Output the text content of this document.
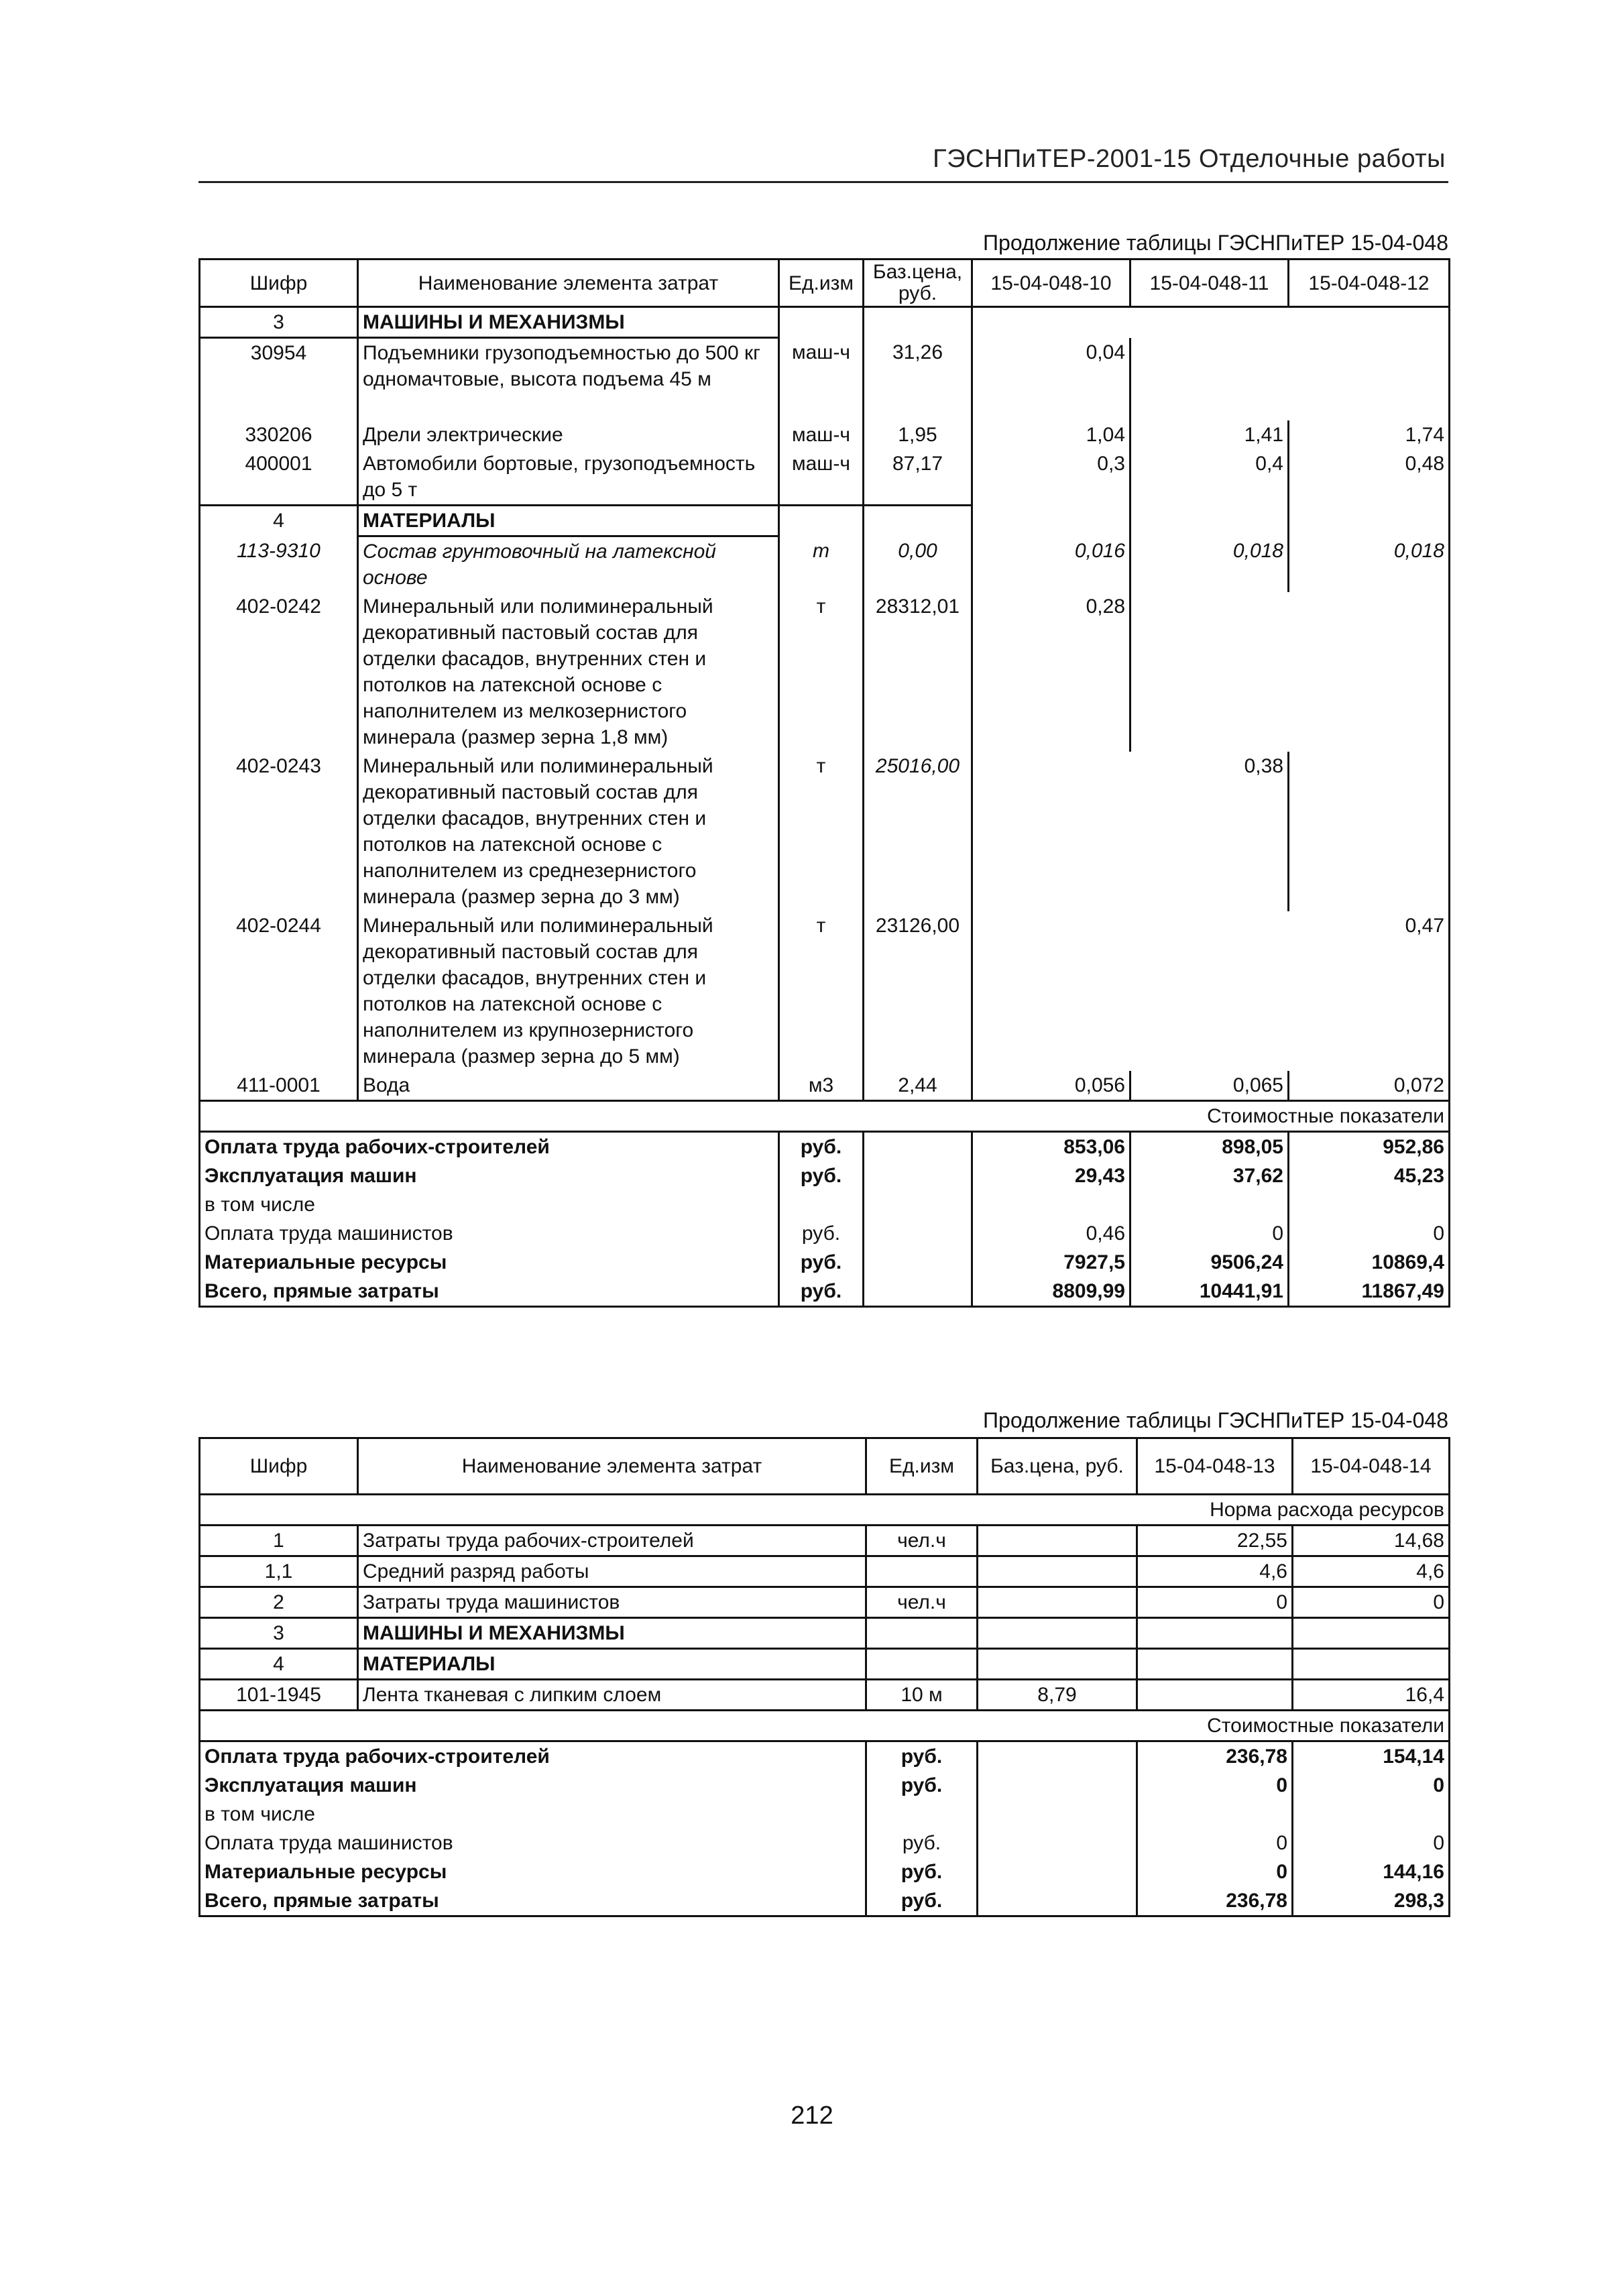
ГЭСНПиТЕР-2001-15 Отделочные работы
Продолжение таблицы ГЭСНПиТЕР 15-04-048
Шифр	Наименование элемента затрат	Ед.изм	Баз.цена, руб.	15-04-048-10	15-04-048-11	15-04-048-12
3	МАШИНЫ И МЕХАНИЗМЫ					
30954	Подъемники грузоподъемностью до 500 кг одномачтовые, высота подъема 45 м	маш-ч	31,26	0,04		

330206	Дрели электрические	маш-ч	1,95	1,04	1,41	1,74
400001	Автомобили бортовые, грузоподъемность до 5 т	маш-ч	87,17	0,3	0,4	0,48
4	МАТЕРИАЛЫ					
113-9310	Состав грунтовочный на латексной основе	т	0,00	0,016	0,018	0,018
402-0242	Минеральный или полиминеральный декоративный пастовый состав для отделки фасадов, внутренних стен и потолков на латексной основе с наполнителем из мелкозернистого минерала (размер зерна 1,8 мм)	т	28312,01	0,28		
402-0243	Минеральный или полиминеральный декоративный пастовый состав для отделки фасадов, внутренних стен и потолков на латексной основе с наполнителем из среднезернистого минерала (размер зерна до 3 мм)	т	25016,00		0,38	
402-0244	Минеральный или полиминеральный декоративный пастовый состав для отделки фасадов, внутренних стен и потолков на латексной основе с наполнителем из крупнозернистого минерала (размер зерна до 5 мм)	т	23126,00			0,47
411-0001	Вода	м3	2,44	0,056	0,065	0,072
Стоимостные показатели						
Оплата труда рабочих-строителей		руб.		853,06	898,05	952,86
Эксплуатация машин		руб.		29,43	37,62	45,23
в том числе						
Оплата труда машинистов		руб.		0,46	0	0
Материальные ресурсы		руб.		7927,5	9506,24	10869,4
Всего, прямые затраты		руб.		8809,99	10441,91	11867,49
Продолжение таблицы ГЭСНПиТЕР 15-04-048
Шифр	Наименование элемента затрат	Ед.изм	Баз.цена, руб.	15-04-048-13	15-04-048-14
Норма расхода ресурсов					
1	Затраты труда рабочих-строителей	чел.ч		22,55	14,68
1,1	Средний разряд работы			4,6	4,6
2	Затраты труда машинистов	чел.ч		0	0
3	МАШИНЫ И МЕХАНИЗМЫ				
4	МАТЕРИАЛЫ				
101-1945	Лента тканевая с липким слоем	10 м	8,79		16,4
Стоимостные показатели					
Оплата труда рабочих-строителей		руб.		236,78	154,14
Эксплуатация машин		руб.		0	0
в том числе					
Оплата труда машинистов		руб.		0	0
Материальные ресурсы		руб.		0	144,16
Всего, прямые затраты		руб.		236,78	298,3
212
